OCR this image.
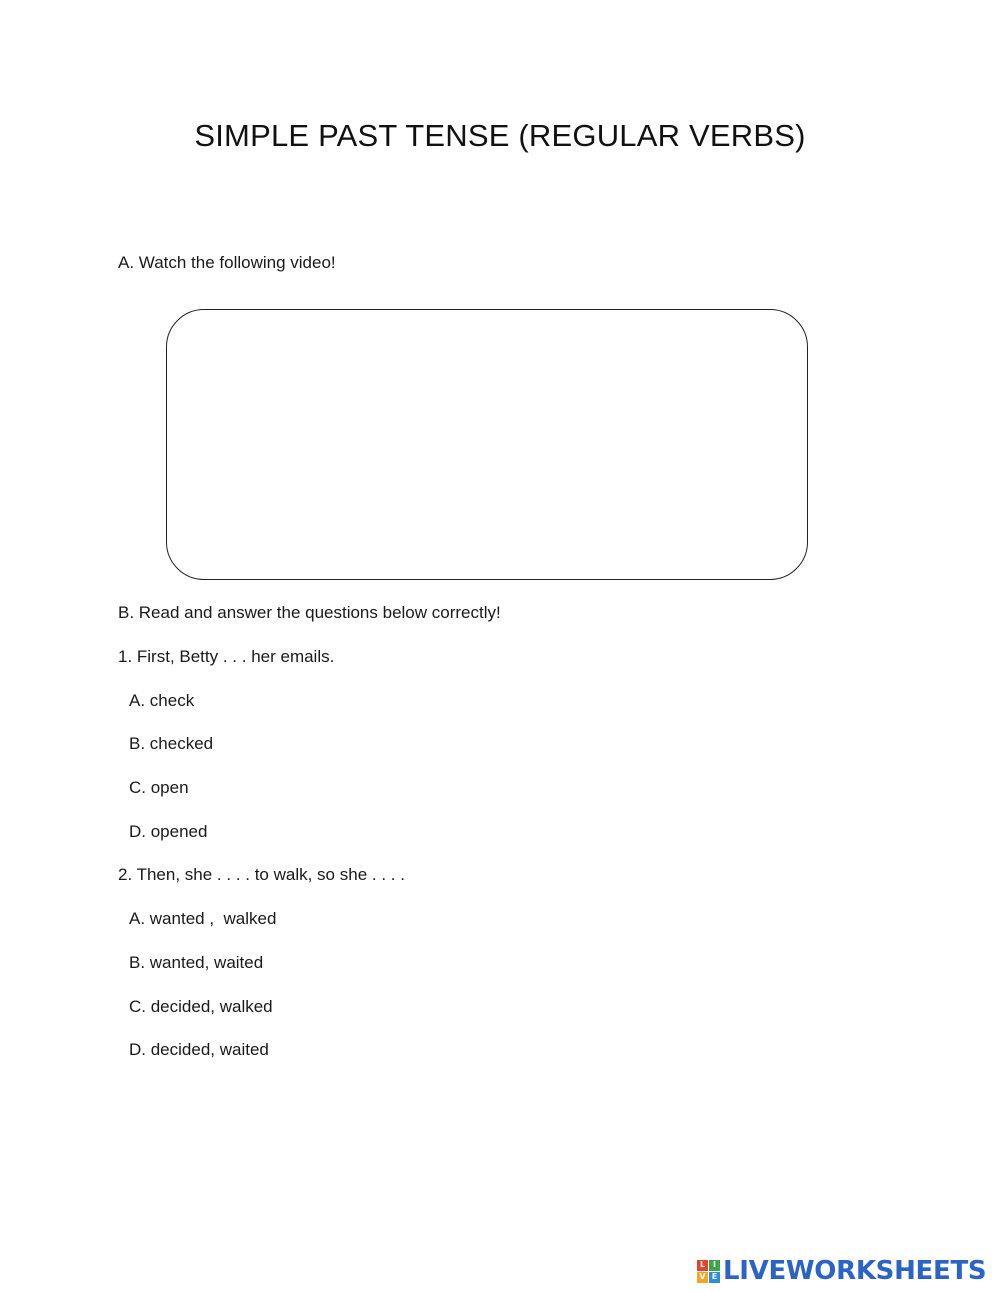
SIMPLE PAST TENSE (REGULAR VERBS)

A. Watch the following video!

B. Read and answer the questions below correctly!

1. First, Betty . . . her emails.

A. check

B. checked

C. open

D. opened

2. Then, she . . . . to walk, so she . . . .

A. wanted ,  walked

B. wanted, waited

C. decided, walked

D. decided, waited

L I
V E LIVEWORKSHEETS
